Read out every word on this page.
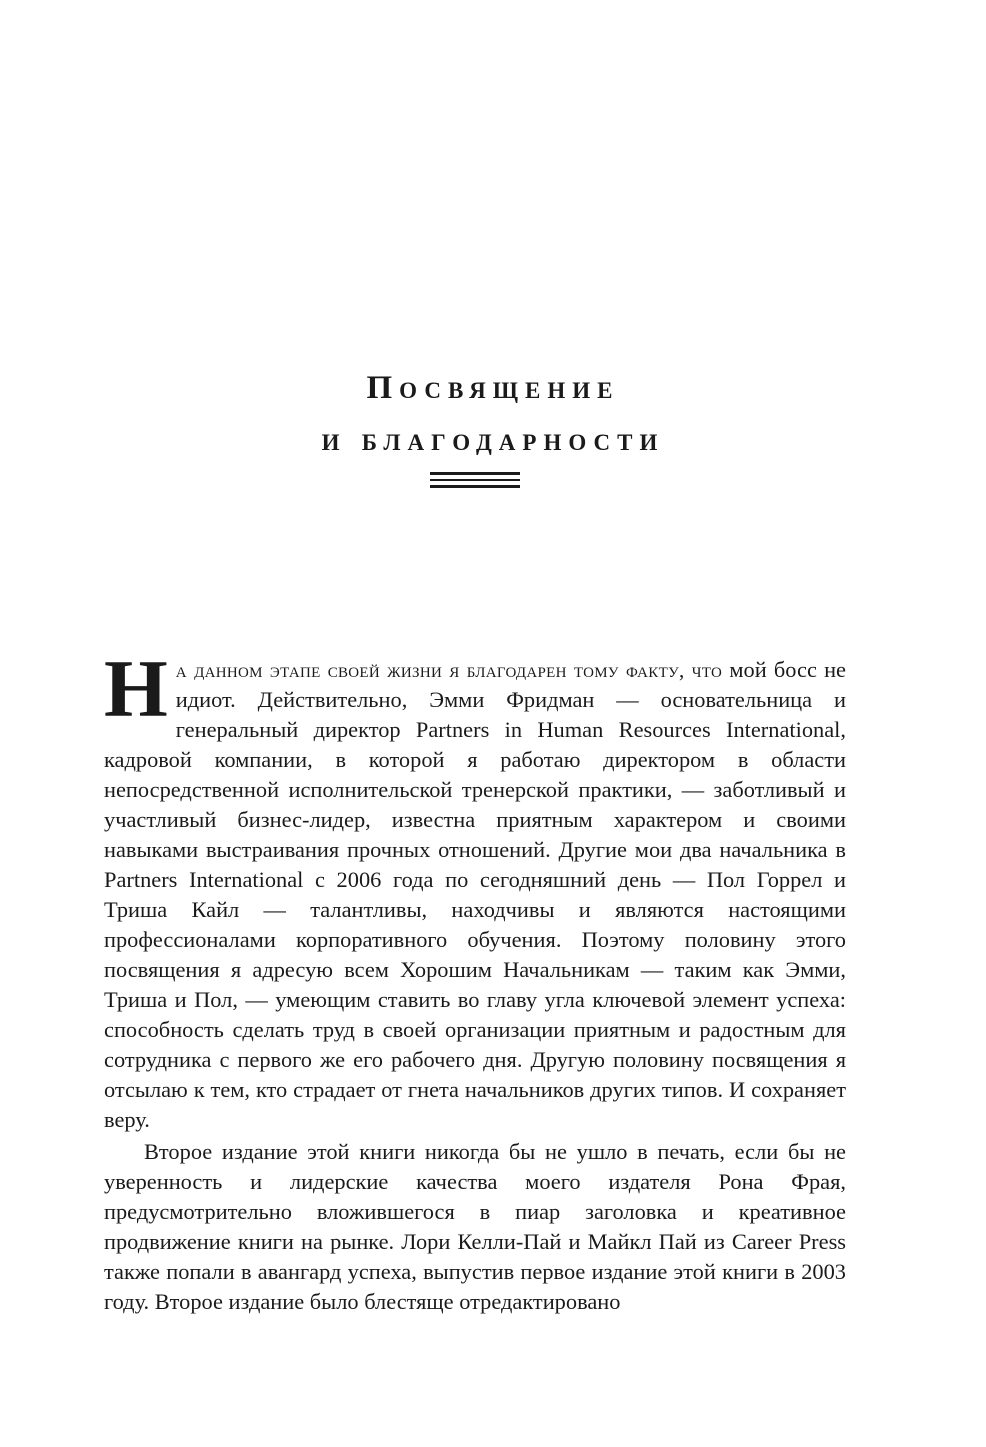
Посвящение

и благодарности

На данном этапе своей жизни я благодарен тому факту, что мой босс не идиот. Действительно, Эмми Фридман — основательница и генеральный директор Partners in Human Resources International, кадровой компании, в которой я работаю директором в области непосредственной исполнительской тренерской практики, — заботливый и участливый бизнес-лидер, известна приятным характером и своими навыками выстраивания прочных отношений. Другие мои два начальника в Partners International с 2006 года по сегодняшний день — Пол Горрел и Триша Кайл — талантливы, находчивы и являются настоящими профессионалами корпоративного обучения. Поэтому половину этого посвящения я адресую всем Хорошим Начальникам — таким как Эмми, Триша и Пол, — умеющим ставить во главу угла ключевой элемент успеха: способность сделать труд в своей организации приятным и радостным для сотрудника с первого же его рабочего дня. Другую половину посвящения я отсылаю к тем, кто страдает от гнета начальников других типов. И сохраняет веру.

Второе издание этой книги никогда бы не ушло в печать, если бы не уверенность и лидерские качества моего издателя Рона Фрая, предусмотрительно вложившегося в пиар заголовка и креативное продвижение книги на рынке. Лори Келли-Пай и Майкл Пай из Career Press также попали в авангард успеха, выпустив первое издание этой книги в 2003 году. Второе издание было блестяще отредактировано
